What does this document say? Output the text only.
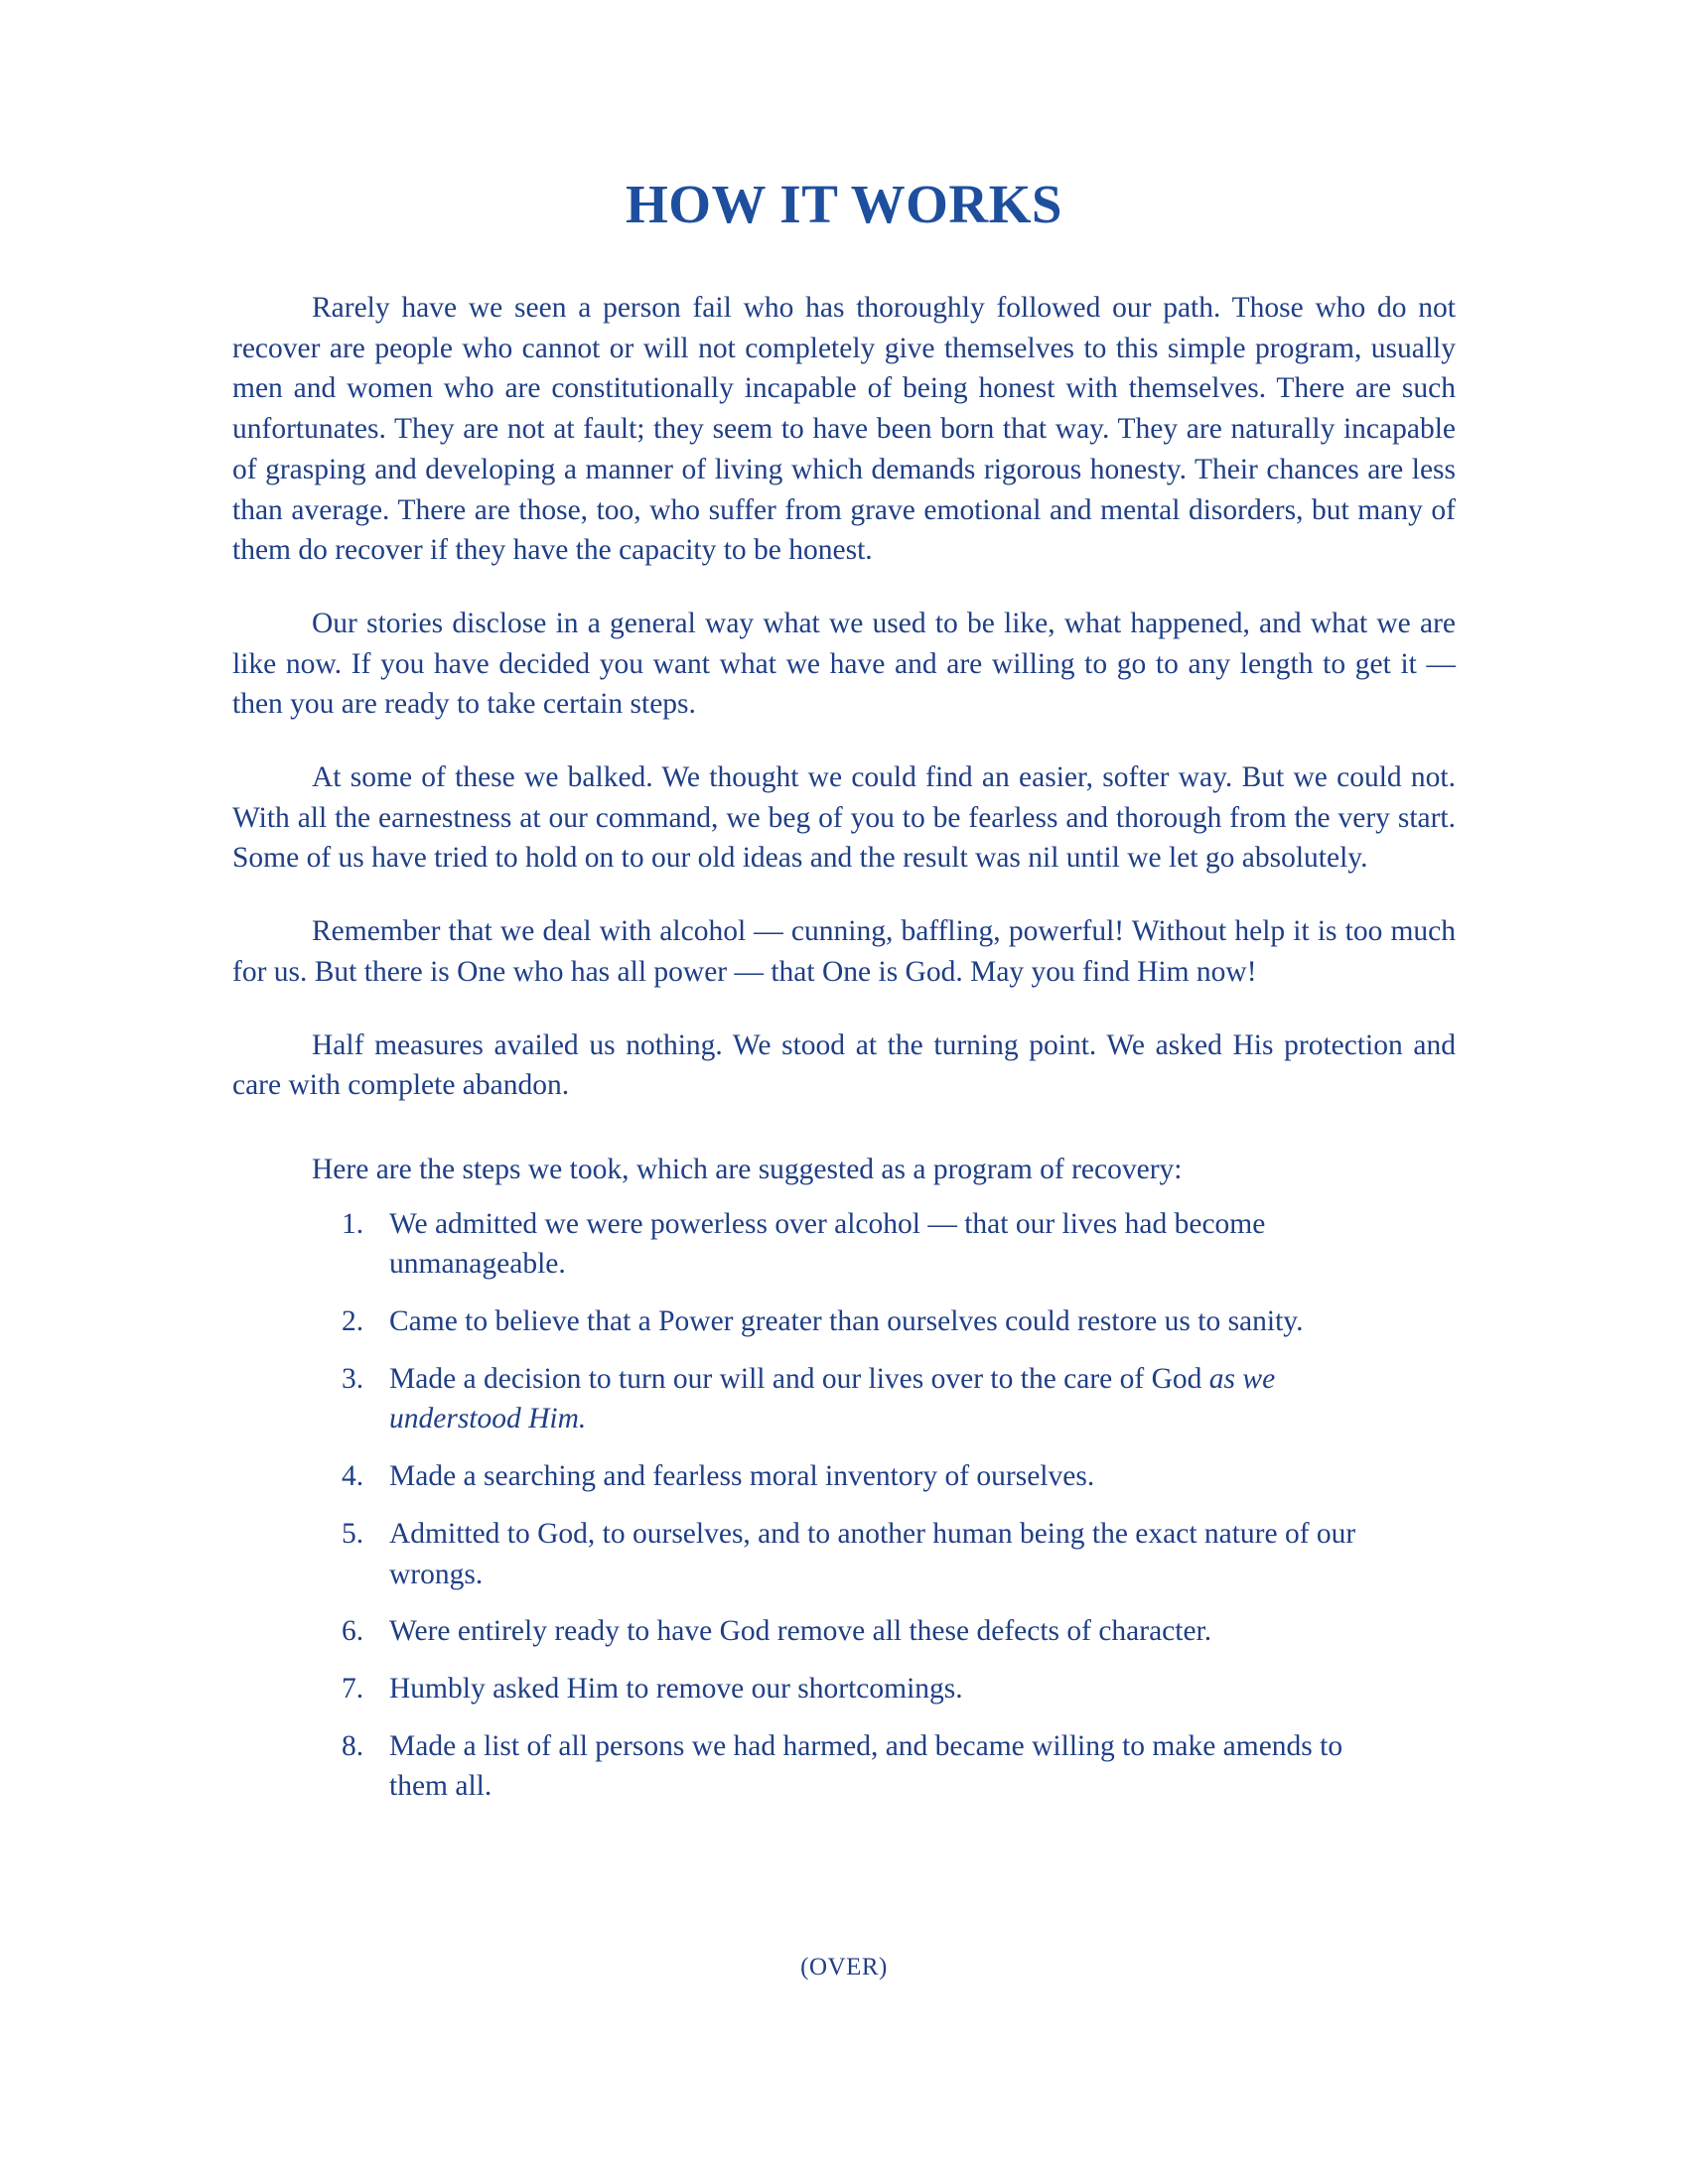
HOW IT WORKS

Rarely have we seen a person fail who has thoroughly followed our path. Those who do not recover are people who cannot or will not completely give themselves to this simple program, usually men and women who are constitutionally incapable of being honest with themselves. There are such unfortunates. They are not at fault; they seem to have been born that way. They are naturally incapable of grasping and developing a manner of living which demands rigorous honesty. Their chances are less than average. There are those, too, who suffer from grave emotional and mental disorders, but many of them do recover if they have the capacity to be honest.

Our stories disclose in a general way what we used to be like, what happened, and what we are like now. If you have decided you want what we have and are willing to go to any length to get it — then you are ready to take certain steps.

At some of these we balked. We thought we could find an easier, softer way. But we could not. With all the earnestness at our command, we beg of you to be fearless and thorough from the very start. Some of us have tried to hold on to our old ideas and the result was nil until we let go absolutely.

Remember that we deal with alcohol — cunning, baffling, powerful! Without help it is too much for us. But there is One who has all power — that One is God. May you find Him now!

Half measures availed us nothing. We stood at the turning point. We asked His protection and care with complete abandon.

Here are the steps we took, which are suggested as a program of recovery:

1. We admitted we were powerless over alcohol — that our lives had become unmanageable.
2. Came to believe that a Power greater than ourselves could restore us to sanity.
3. Made a decision to turn our will and our lives over to the care of God as we understood Him.
4. Made a searching and fearless moral inventory of ourselves.
5. Admitted to God, to ourselves, and to another human being the exact nature of our wrongs.
6. Were entirely ready to have God remove all these defects of character.
7. Humbly asked Him to remove our shortcomings.
8. Made a list of all persons we had harmed, and became willing to make amends to them all.
(OVER)
